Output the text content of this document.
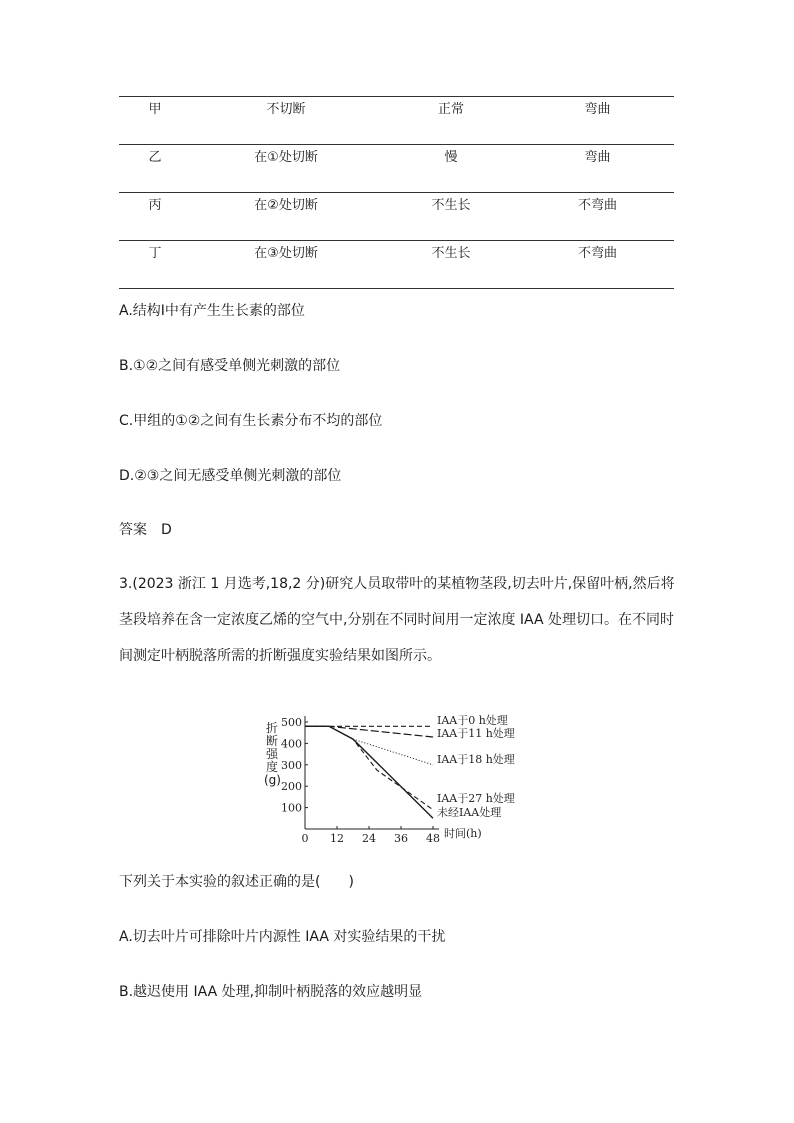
甲	不切断	正常	弯曲
乙	在①处切断	慢	弯曲
丙	在②处切断	不生长	不弯曲
丁	在③处切断	不生长	不弯曲
A.结构Ⅰ中有产生生长素的部位
B.①②之间有感受单侧光刺激的部位
C.甲组的①②之间有生长素分布不均的部位
D.②③之间无感受单侧光刺激的部位
答案　D
3.(2023 浙江 1 月选考,18,2 分)研究人员取带叶的某植物茎段,切去叶片,保留叶柄,然后将茎段培养在含一定浓度乙烯的空气中,分别在不同时间用一定浓度 IAA 处理切口。在不同时间测定叶柄脱落所需的折断强度实验结果如图所示。
折断强度(g)
0 12 24 36 48
100
200
300
400
500
时间(h)
IAA于0 h处理
IAA于11 h处理
IAA于18 h处理
IAA于27 h处理
未经IAA处理
下列关于本实验的叙述正确的是(　　)
A.切去叶片可排除叶片内源性 IAA 对实验结果的干扰
B.越迟使用 IAA 处理,抑制叶柄脱落的效应越明显
